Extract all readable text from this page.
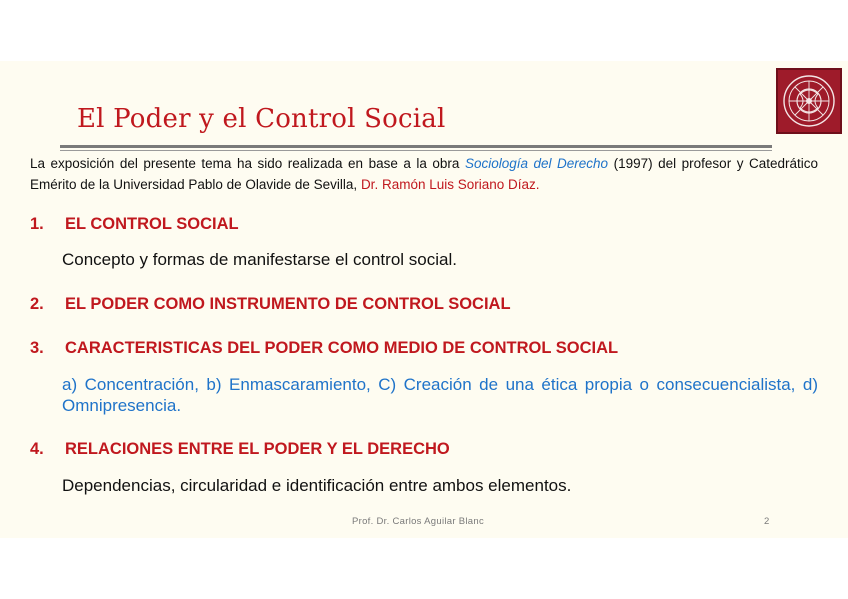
El Poder y el Control Social
La exposición del presente tema ha sido realizada en base a la obra Sociología del Derecho (1997) del profesor y Catedrático Emérito de la Universidad Pablo de Olavide de Sevilla, Dr. Ramón Luis Soriano Díaz.
1. EL CONTROL SOCIAL
Concepto y formas de manifestarse el control social.
2. EL PODER COMO INSTRUMENTO DE CONTROL SOCIAL
3. CARACTERISTICAS DEL PODER COMO MEDIO DE CONTROL SOCIAL
a) Concentración, b) Enmascaramiento, C) Creación de una ética propia o consecuencialista, d) Omnipresencia.
4. RELACIONES ENTRE EL PODER Y EL DERECHO
Dependencias, circularidad e identificación entre ambos elementos.
Prof. Dr. Carlos Aguilar Blanc	2
